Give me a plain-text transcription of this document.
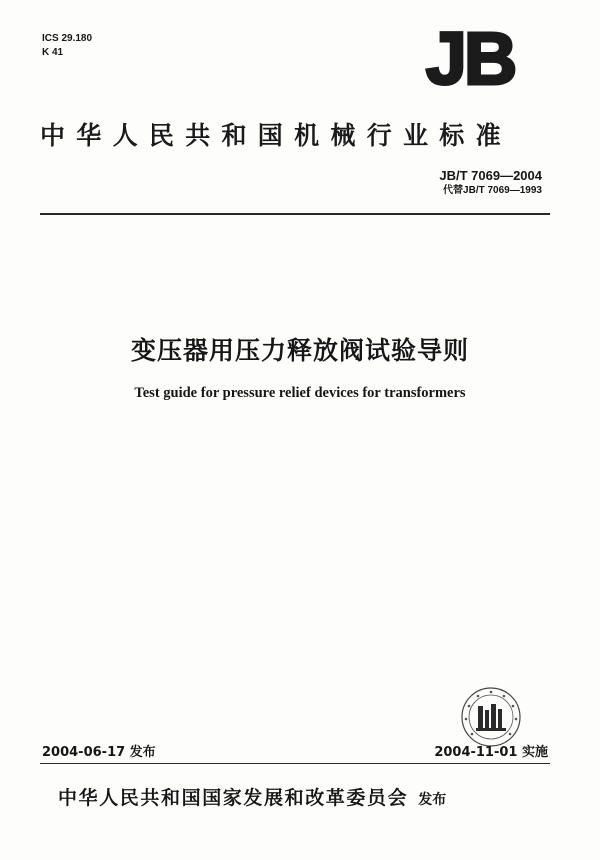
ICS 29.180
K 41	JB
中华人民共和国机械行业标准
JB/T 7069—2004
代替JB/T 7069—1993
变压器用压力释放阀试验导则
Test guide for pressure relief devices for transformers
2004-06-17 发布	2004-11-01 实施
中华人民共和国国家发展和改革委员会 发布
